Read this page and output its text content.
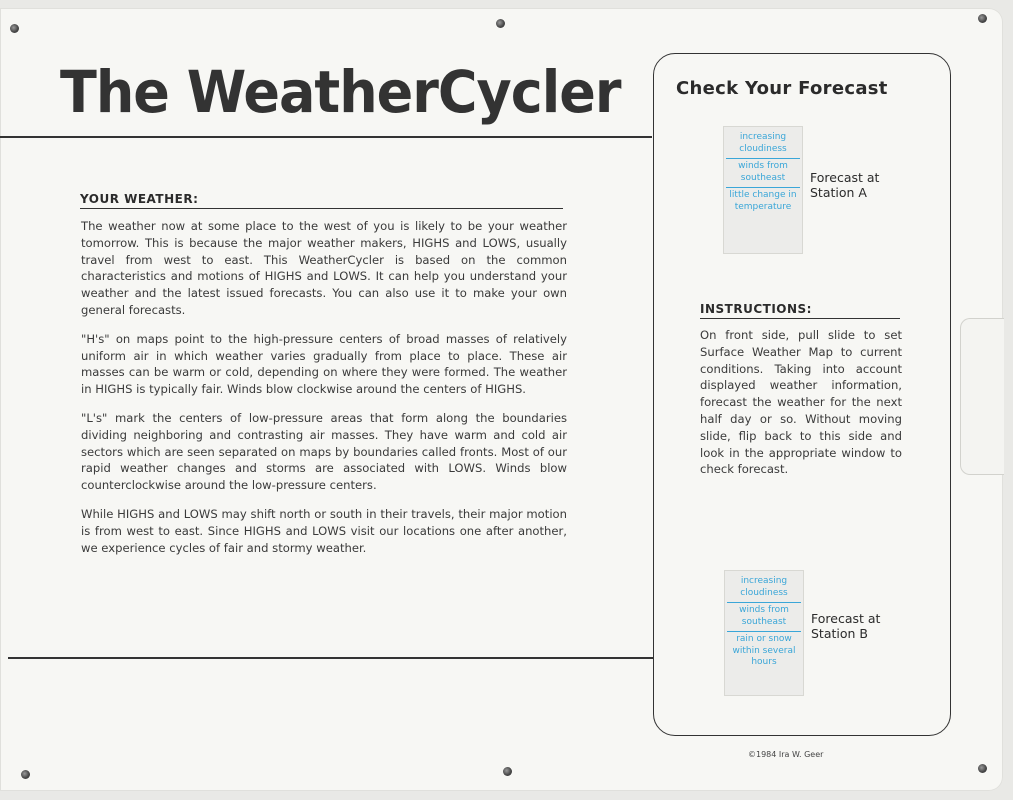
The WeatherCycler
YOUR WEATHER:

The weather now at some place to the west of you is likely to be your weather tomorrow. This is because the major weather makers, HIGHS and LOWS, usually travel from west to east. This WeatherCycler is based on the common characteristics and motions of HIGHS and LOWS. It can help you understand your weather and the latest issued forecasts. You can also use it to make your own general forecasts.

"H's" on maps point to the high-pressure centers of broad masses of relatively uniform air in which weather varies gradually from place to place. These air masses can be warm or cold, depending on where they were formed. The weather in HIGHS is typically fair. Winds blow clockwise around the centers of HIGHS.

"L's" mark the centers of low-pressure areas that form along the boundaries dividing neighboring and contrasting air masses. They have warm and cold air sectors which are seen separated on maps by boundaries called fronts. Most of our rapid weather changes and storms are associated with LOWS. Winds blow counterclockwise around the low-pressure centers.

While HIGHS and LOWS may shift north or south in their travels, their major motion is from west to east. Since HIGHS and LOWS visit our locations one after another, we experience cycles of fair and stormy weather.

Check Your Forecast
increasing cloudiness
winds from southeast
little change in temperature
Forecast at Station A
INSTRUCTIONS:

On front side, pull slide to set Surface Weather Map to current conditions. Taking into account displayed weather information, forecast the weather for the next half day or so. Without moving slide, flip back to this side and look in the appropriate window to check forecast.

increasing cloudiness
winds from southeast
rain or snow within several hours
Forecast at Station B
©1984 Ira W. Geer
